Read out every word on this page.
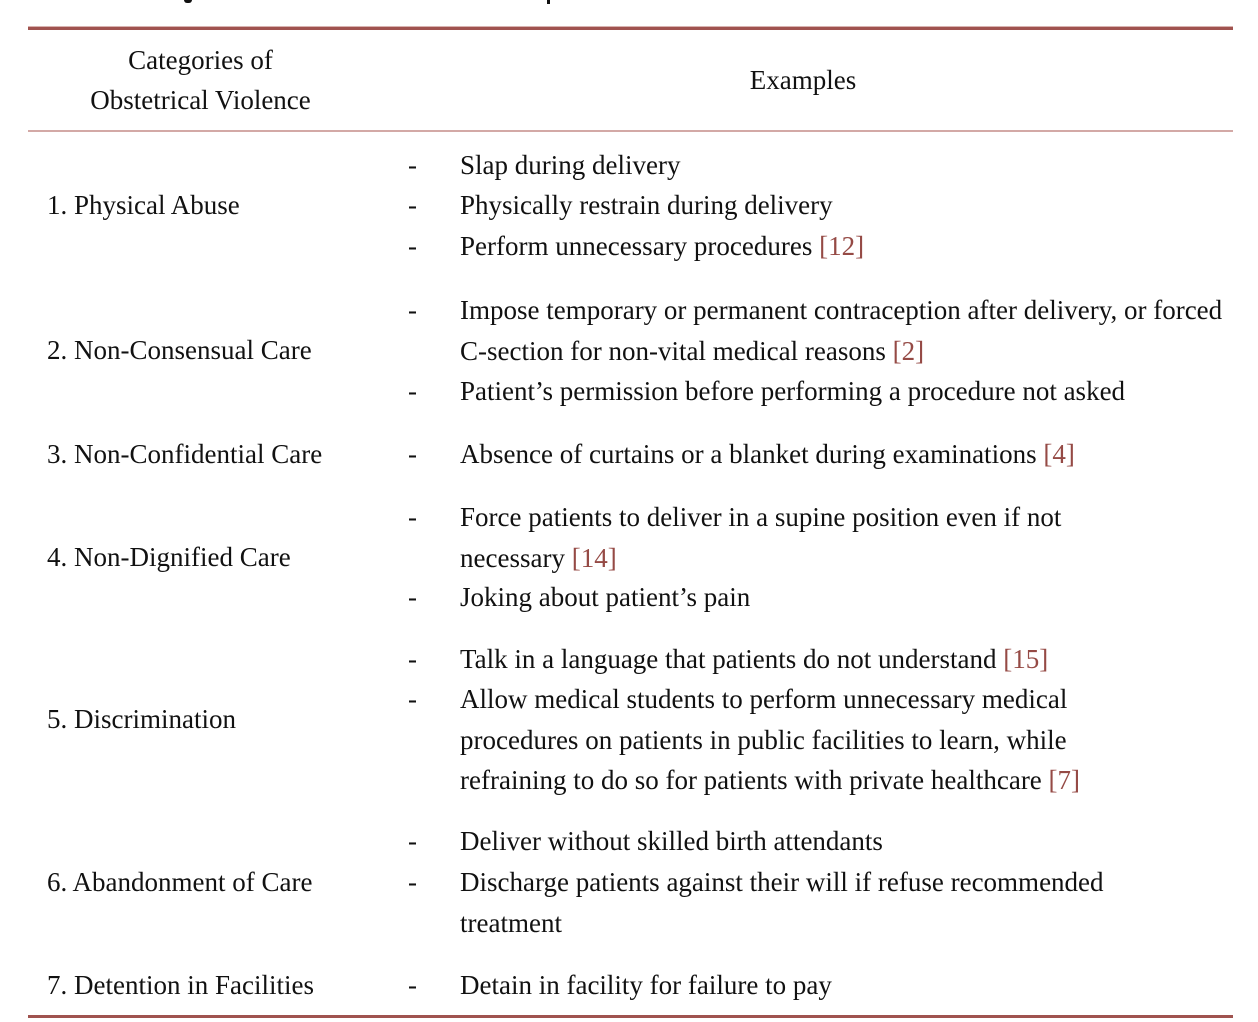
Categories of
Obstetrical Violence
Examples
1. Physical Abuse
- Slap during delivery
- Physically restrain during delivery
- Perform unnecessary procedures [12]
2. Non-Consensual Care
- Impose temporary or permanent contraception after delivery, or forced C-section for non-vital medical reasons [2]
- Patient’s permission before performing a procedure not asked
3. Non-Confidential Care	- Absence of curtains or a blanket during examinations [4]
4. Non-Dignified Care
- Force patients to deliver in a supine position even if not necessary [14]
- Joking about patient’s pain
5. Discrimination
- Talk in a language that patients do not understand [15]
- Allow medical students to perform unnecessary medical procedures on patients in public facilities to learn, while refraining to do so for patients with private healthcare [7]
6. Abandonment of Care
- Deliver without skilled birth attendants
- Discharge patients against their will if refuse recommended treatment
7. Detention in Facilities	- Detain in facility for failure to pay
